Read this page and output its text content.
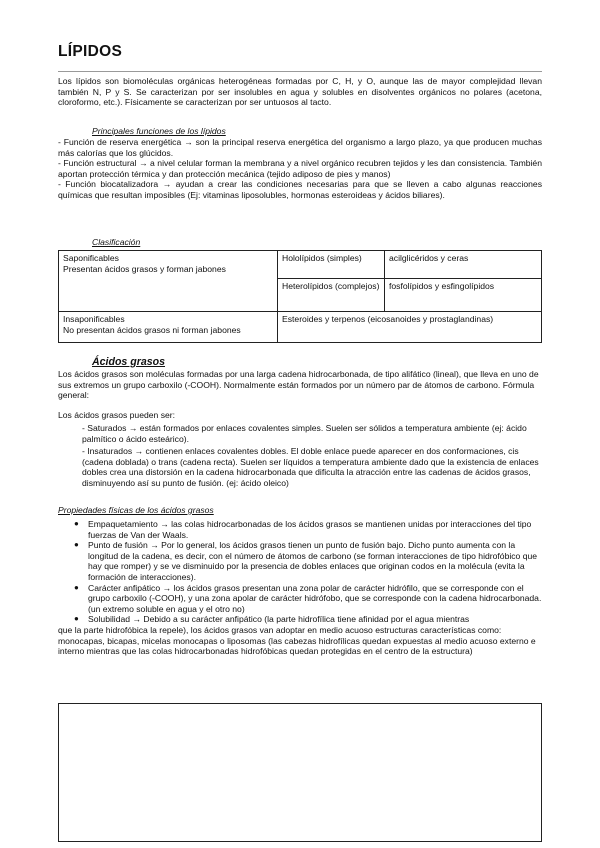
LÍPIDOS

Los lípidos son biomoléculas orgánicas heterogéneas formadas por C, H, y O, aunque las de mayor complejidad llevan también N, P y S. Se caracterizan por ser insolubles en agua y solubles en disolventes orgánicos no polares (acetona, cloroformo, etc.). Físicamente se caracterizan por ser untuosos al tacto.

Principales funciones de los lípidos

- Función de reserva energética → son la principal reserva energética del organismo a largo plazo, ya que producen muchas más calorías que los glúcidos.

- Función estructural → a nivel celular forman la membrana y a nivel orgánico recubren tejidos y les dan consistencia. También aportan protección térmica y dan protección mecánica (tejido adiposo de pies y manos)

- Función biocatalizadora → ayudan a crear las condiciones necesarias para que se lleven a cabo algunas reacciones químicas que resultan imposibles (Ej: vitaminas liposolubles, hormonas esteroideas y ácidos biliares).

Clasificación
Saponificables
Presentan ácidos grasos y forman jabones	Hololípidos (simples)	acilglicéridos y ceras
	Heterolípidos (complejos)	fosfolípidos y esfingolípidos

Insaponificables
No presentan ácidos grasos ni forman jabones	Esteroides y terpenos (eicosanoides y prostaglandinas)	
Ácidos grasos

Los ácidos grasos son moléculas formadas por una larga cadena hidrocarbonada, de tipo alifático (lineal), que lleva en uno de sus extremos un grupo carboxilo (-COOH). Normalmente están formados por un número par de átomos de carbono. Fórmula general:

Los ácidos grasos pueden ser:

- Saturados → están formados por enlaces covalentes simples. Suelen ser sólidos a temperatura ambiente (ej: ácido palmítico o ácido esteárico).

- Insaturados → contienen enlaces covalentes dobles. El doble enlace puede aparecer en dos conformaciones, cis (cadena doblada) o trans (cadena recta). Suelen ser líquidos a temperatura ambiente dado que la existencia de enlaces dobles crea una distorsión en la cadena hidrocarbonada que dificulta la atracción entre las cadenas de ácidos grasos, disminuyendo así su punto de fusión. (ej: ácido oleico)

Propiedades físicas de los ácidos grasos

● Empaquetamiento → las colas hidrocarbonadas de los ácidos grasos se mantienen unidas por interacciones del tipo fuerzas de Van der Waals.

● Punto de fusión → Por lo general, los ácidos grasos tienen un punto de fusión bajo. Dicho punto aumenta con la longitud de la cadena, es decir, con el número de átomos de carbono (se forman interacciones de tipo hidrofóbico que hay que romper) y se ve disminuido por la presencia de dobles enlaces que originan codos en la molécula (evita la formación de interacciones).

● Carácter anfipático → los ácidos grasos presentan una zona polar de carácter hidrófilo, que se corresponde con el grupo carboxilo (-COOH), y una zona apolar de carácter hidrófobo, que se corresponde con la cadena hidrocarbonada. (un extremo soluble en agua y el otro no)

● Solubilidad → Debido a su carácter anfipático (la parte hidrofílica tiene afinidad por el agua mientras

que la parte hidrofóbica la repele), los ácidos grasos van adoptar en medio acuoso estructuras características como: monocapas, bicapas, micelas monocapas o liposomas (las cabezas hidrofílicas quedan expuestas al medio acuoso externo e interno mientras que las colas hidrocarbonadas hidrofóbicas quedan protegidas en el centro de la estructura)
